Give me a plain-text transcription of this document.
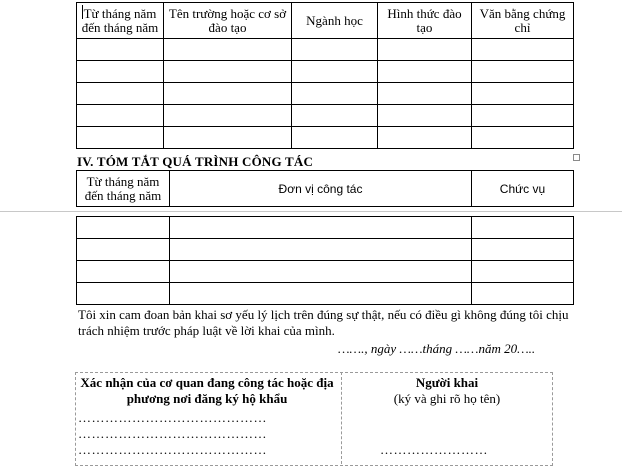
Từ tháng năm đến tháng năm	Tên trường hoặc cơ sở đào tạo	Ngành học	Hình thức đào tạo	Văn bằng chứng chỉ

IV. TÓM TẮT QUÁ TRÌNH CÔNG TÁC
Từ tháng năm đến tháng năm	Đơn vị công tác	Chức vụ

Tôi xin cam đoan bản khai sơ yếu lý lịch trên đúng sự thật, nếu có điều gì không đúng tôi chịu trách nhiệm trước pháp luật về lời khai của mình.
……., ngày ……tháng ……năm 20…..
Xác nhận của cơ quan đang công tác hoặc địa phương nơi đăng ký hộ khẩu
……………………………………
……………………………………
……………………………………
Người khai
(ký và ghi rõ họ tên)
……………………
